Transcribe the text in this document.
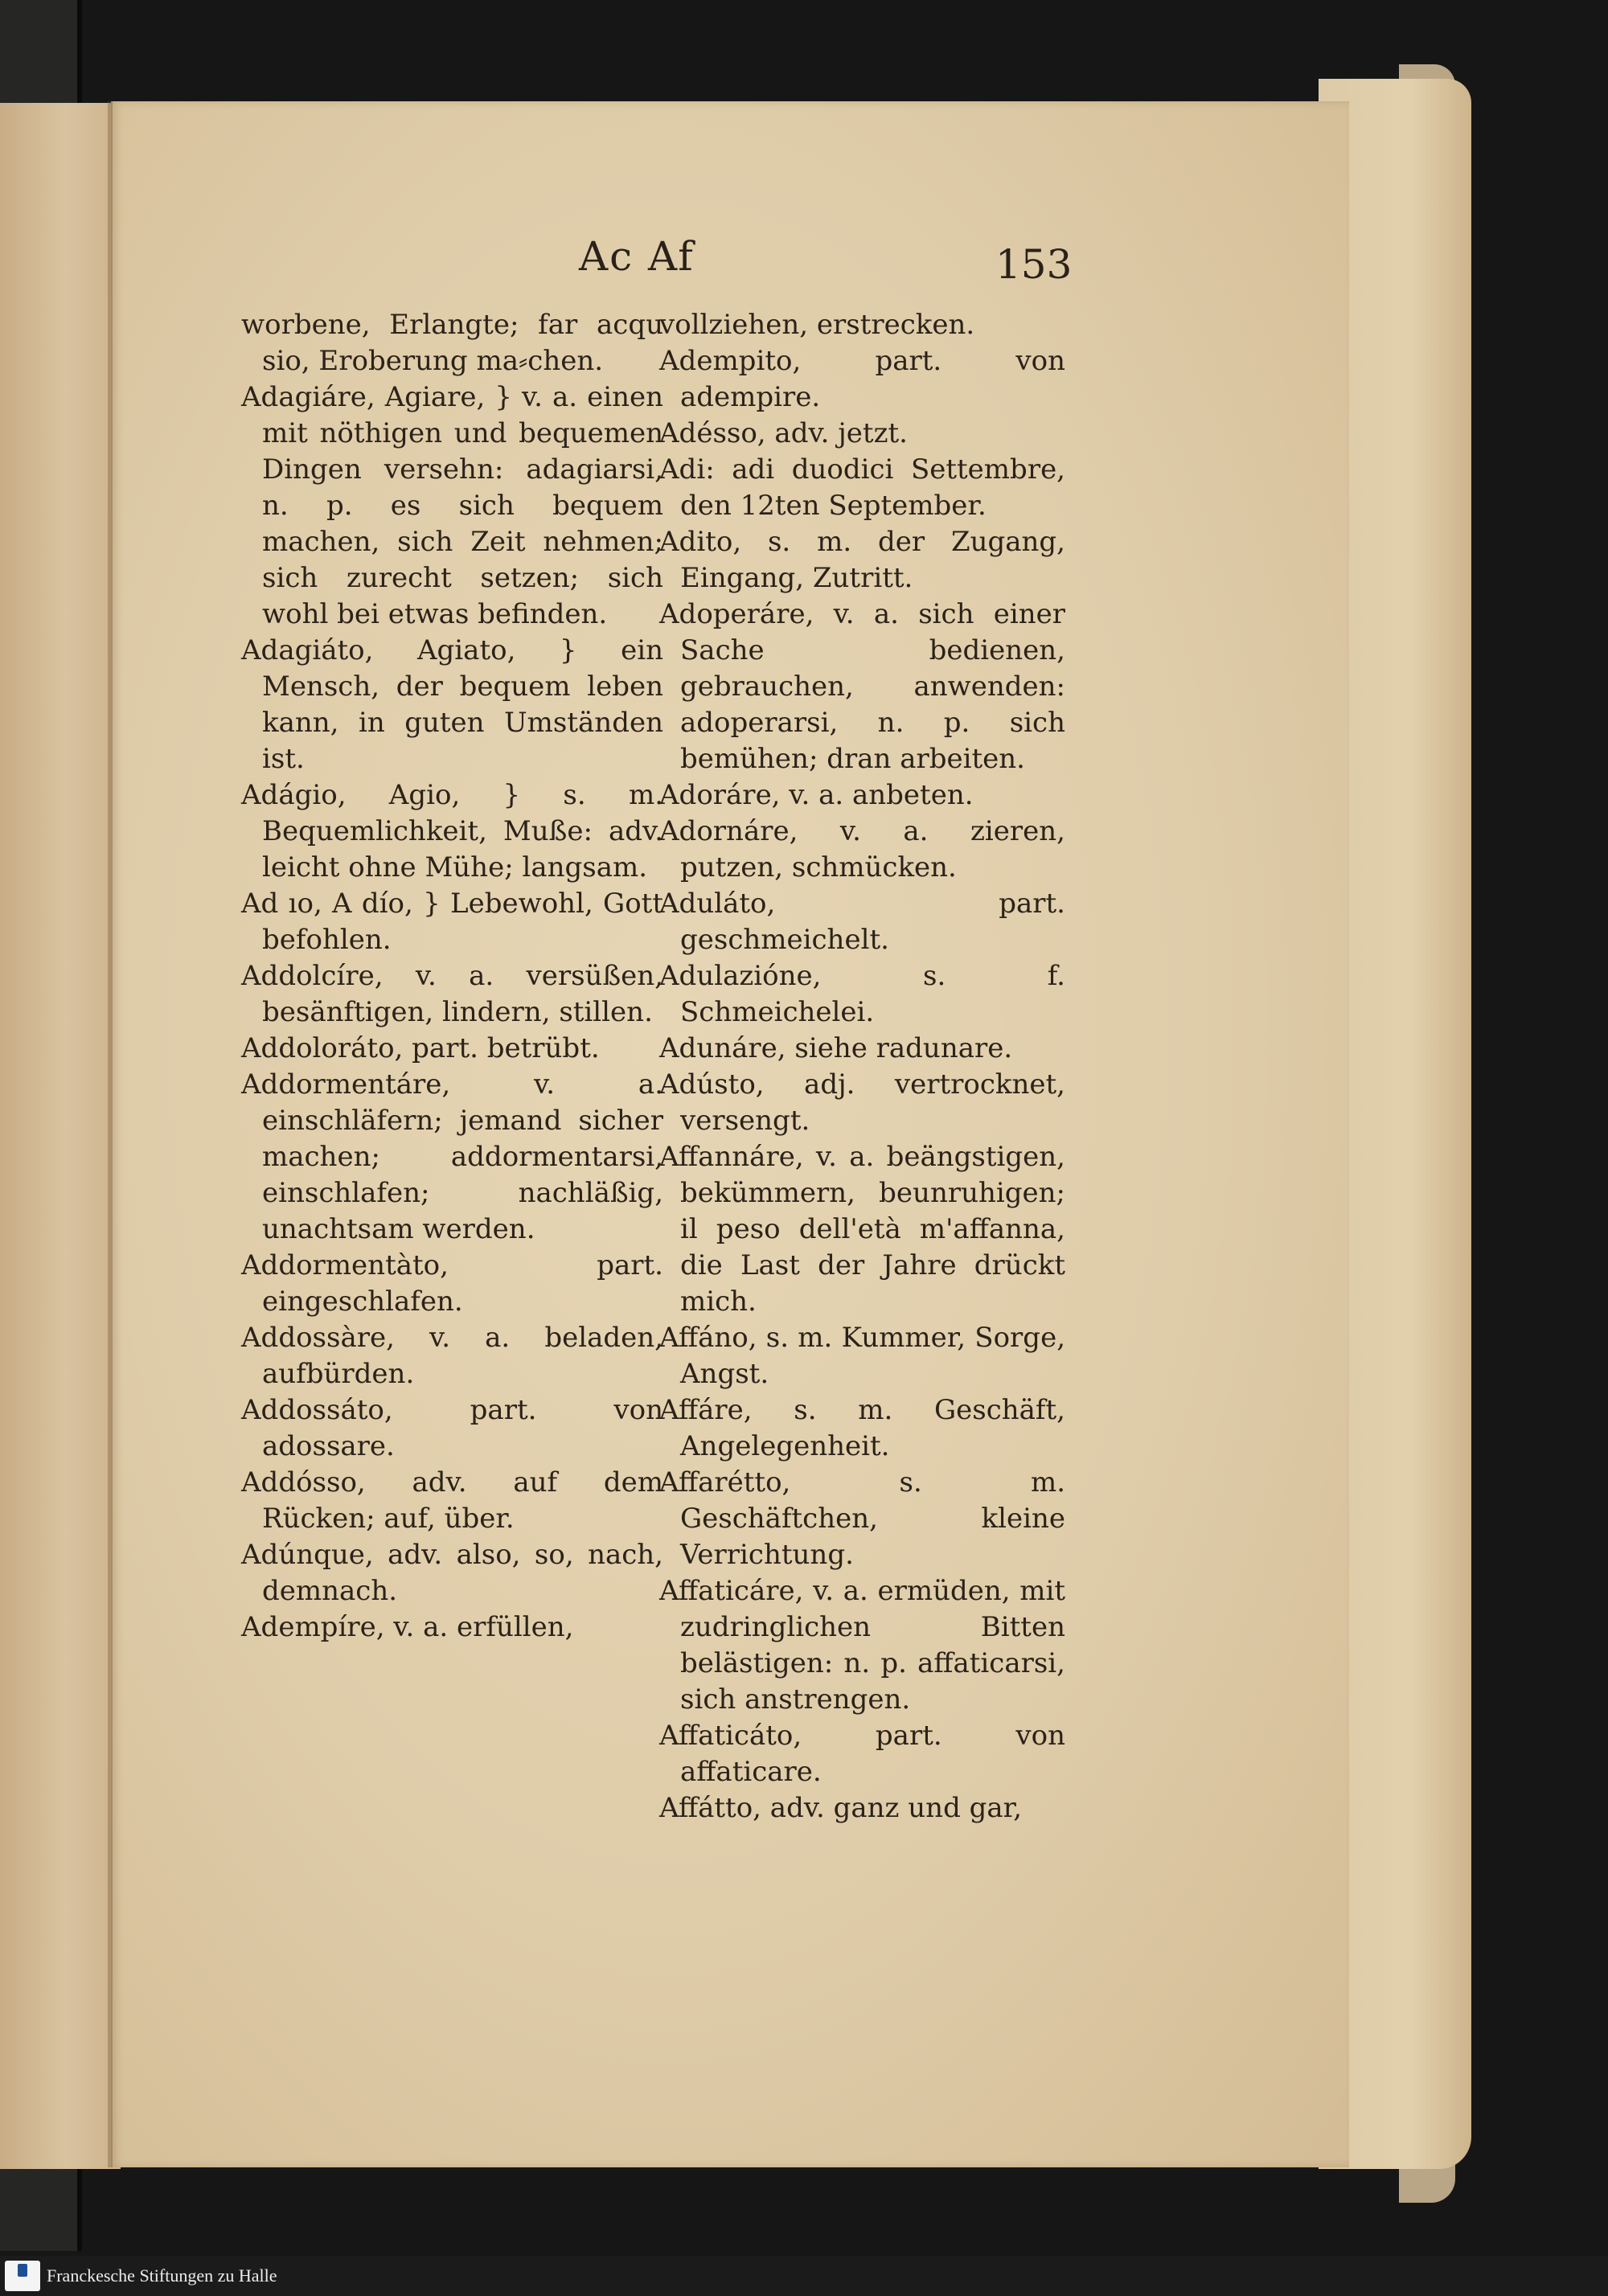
Ac Af	153

worbene, Erlangte; far acqu sio, Eroberung ma⸗chen.

Adagiáre, Agiare, } v. a. einen mit nöthigen und bequemen Dingen versehn: adagiarsi, n. p. es sich bequem machen, sich Zeit nehmen; sich zurecht setzen; sich wohl bei etwas befinden.

Adagiáto, Agiato, } ein Mensch, der bequem leben kann, in guten Umständen ist.

Adágio, Agio, } s. m. Bequemlichkeit, Muße: adv. leicht ohne Mühe; langsam.

Ad ıo, A dío, } Lebewohl, Gott befohlen.

Addolcíre, v. a. versüßen, besänftigen, lindern, stillen.

Addoloráto, part. betrübt.

Addormentáre, v. a. einschläfern; jemand sicher machen; addormentarsi, einschlafen; nachläßig, unachtsam werden.

Addormentàto, part. eingeschlafen.

Addossàre, v. a. beladen, aufbürden.

Addossáto, part. von adossare.

Addósso, adv. auf dem Rücken; auf, über.

Adúnque, adv. also, so, nach, demnach.

Adempíre, v. a. erfüllen,

vollziehen, erstrecken.

Adempito, part. von adempire.

Adésso, adv. jetzt.

Adi: adi duodici Settembre, den 12ten September.

Adito, s. m. der Zugang, Eingang, Zutritt.

Adoperáre, v. a. sich einer Sache bedienen, gebrauchen, anwenden: adoperarsi, n. p. sich bemühen; dran arbeiten.

Adoráre, v. a. anbeten.

Adornáre, v. a. zieren, putzen, schmücken.

Aduláto, part. geschmeichelt.

Adulazióne, s. f. Schmeichelei.

Adunáre, siehe radunare.

Adústo, adj. vertrocknet, versengt.

Affannáre, v. a. beängstigen, bekümmern, beunruhigen; il peso dell'età m'affanna, die Last der Jahre drückt mich.

Affáno, s. m. Kummer, Sorge, Angst.

Affáre, s. m. Geschäft, Angelegenheit.

Affarétto, s. m. Geschäftchen, kleine Verrichtung.

Affaticáre, v. a. ermüden, mit zudringlichen Bitten belästigen: n. p. affaticarsi, sich anstrengen.

Affaticáto, part. von affaticare.

Affátto, adv. ganz und gar,

Franckesche Stiftungen zu Halle
